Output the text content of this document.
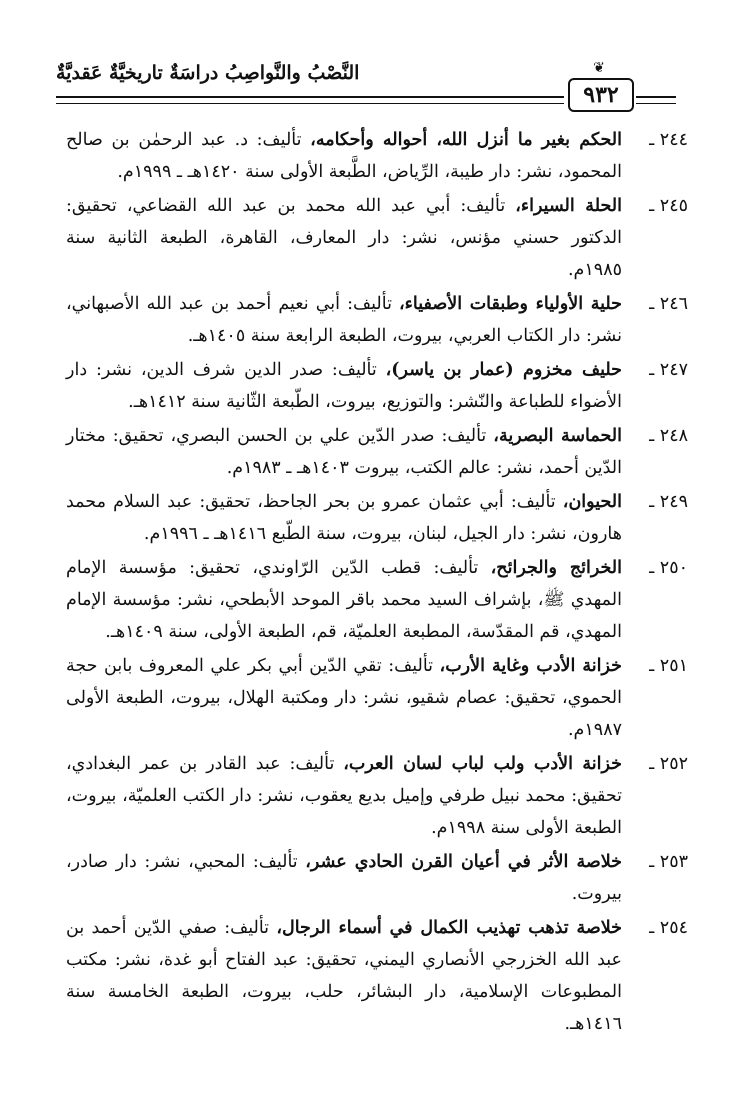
النَّصْبُ والنَّواصِبُ دراسَةٌ تاريخيَّةٌ عَقديَّةٌ	❦
٩٣٢
٢٤٤ ـ
الحكم بغير ما أنزل الله، أحواله وأحكامه، تأليف: د. عبد الرحمٰن بن صالح المحمود، نشر: دار طيبة، الرِّياض، الطَّبعة الأولى سنة ١٤٢٠هـ ـ ١٩٩٩م.
٢٤٥ ـ
الحلة السيراء، تأليف: أبي عبد الله محمد بن عبد الله القضاعي، تحقيق: الدكتور حسني مؤنس، نشر: دار المعارف، القاهرة، الطبعة الثانية سنة ١٩٨٥م.
٢٤٦ ـ
حلية الأولياء وطبقات الأصفياء، تأليف: أبي نعيم أحمد بن عبد الله الأصبهاني، نشر: دار الكتاب العربي، بيروت، الطبعة الرابعة سنة ١٤٠٥هـ.
٢٤٧ ـ
حليف مخزوم (عمار بن ياسر)، تأليف: صدر الدين شرف الدين، نشر: دار الأضواء للطباعة والنّشر: والتوزيع، بيروت، الطّبعة الثّانية سنة ١٤١٢هـ.
٢٤٨ ـ
الحماسة البصرية، تأليف: صدر الدّين علي بن الحسن البصري، تحقيق: مختار الدّين أحمد، نشر: عالم الكتب، بيروت ١٤٠٣هـ ـ ١٩٨٣م.
٢٤٩ ـ
الحيوان، تأليف: أبي عثمان عمرو بن بحر الجاحظ، تحقيق: عبد السلام محمد هارون، نشر: دار الجيل، لبنان، بيروت، سنة الطّبع ١٤١٦هـ ـ ١٩٩٦م.
٢٥٠ ـ
الخرائج والجرائح، تأليف: قطب الدّين الرّاوندي، تحقيق: مؤسسة الإمام المهدي ﷺ، بإشراف السيد محمد باقر الموحد الأبطحي، نشر: مؤسسة الإمام المهدي، قم المقدّسة، المطبعة العلميّة، قم، الطبعة الأولى، سنة ١٤٠٩هـ.
٢٥١ ـ
خزانة الأدب وغاية الأرب، تأليف: تقي الدّين أبي بكر علي المعروف بابن حجة الحموي، تحقيق: عصام شقيو، نشر: دار ومكتبة الهلال، بيروت، الطبعة الأولى ١٩٨٧م.
٢٥٢ ـ
خزانة الأدب ولب لباب لسان العرب، تأليف: عبد القادر بن عمر البغدادي، تحقيق: محمد نبيل طرفي وإميل بديع يعقوب، نشر: دار الكتب العلميّة، بيروت، الطبعة الأولى سنة ١٩٩٨م.
٢٥٣ ـ
خلاصة الأثر في أعيان القرن الحادي عشر، تأليف: المحبي، نشر: دار صادر، بيروت.
٢٥٤ ـ
خلاصة تذهب تهذيب الكمال في أسماء الرجال، تأليف: صفي الدّين أحمد بن عبد الله الخزرجي الأنصاري اليمني، تحقيق: عبد الفتاح أبو غدة، نشر: مكتب المطبوعات الإسلامية، دار البشائر، حلب، بيروت، الطبعة الخامسة سنة ١٤١٦هـ.
